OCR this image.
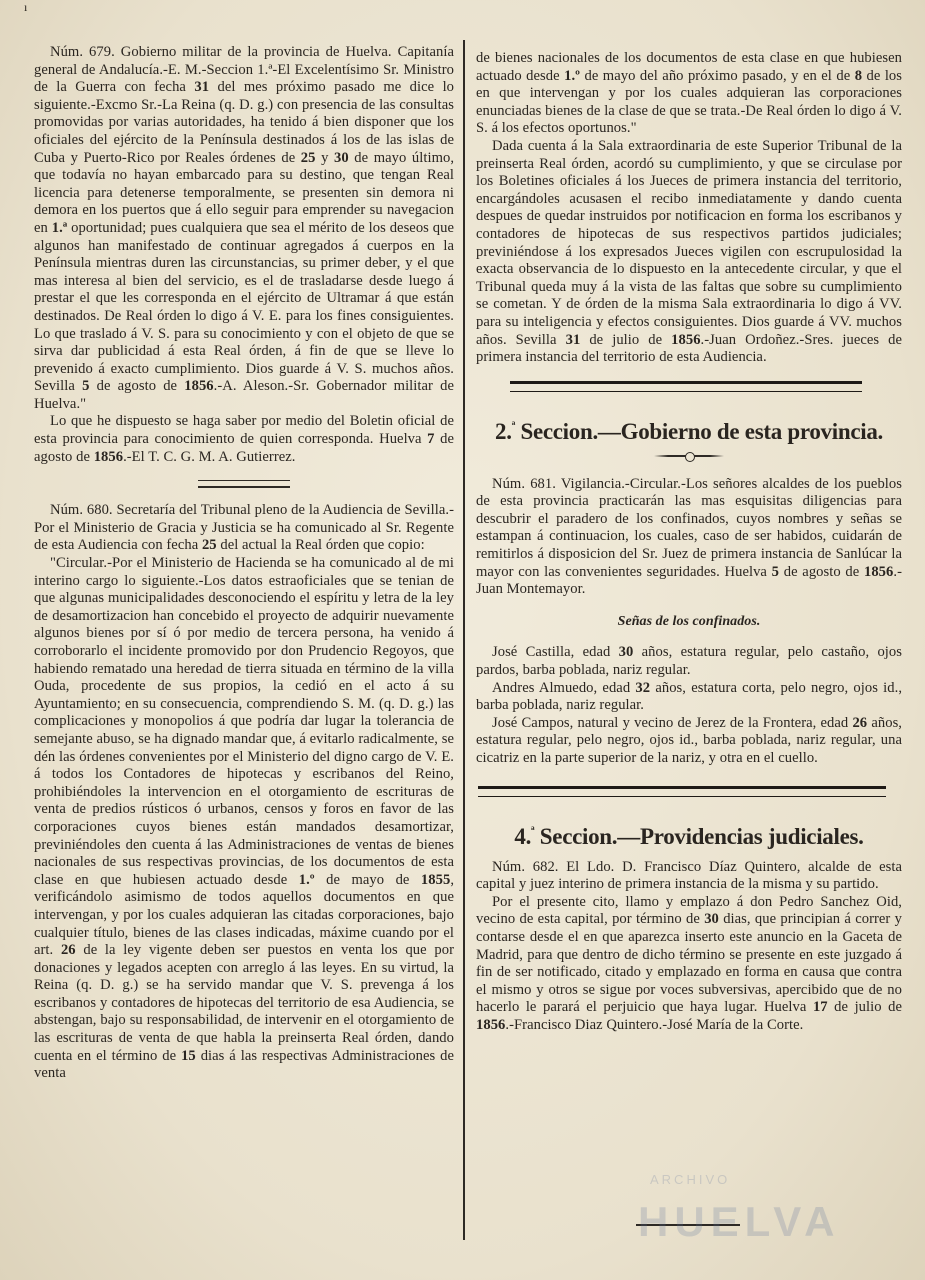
ı

Núm. 679. Gobierno militar de la provincia de Huelva. Capitanía general de Andalucía.-E. M.-Seccion 1.ª-El Excelentísimo Sr. Ministro de la Guerra con fecha 31 del mes próximo pasado me dice lo siguiente.-Excmo Sr.-La Reina (q. D. g.) con presencia de las consultas promovidas por varias autoridades, ha tenido á bien disponer que los oficiales del ejército de la Península destinados á los de las islas de Cuba y Puerto-Rico por Reales órdenes de 25 y 30 de mayo último, que todavía no hayan embarcado para su destino, que tengan Real licencia para detenerse temporalmente, se presenten sin demora ni demora en los puertos que á ello seguir para emprender su navegacion en 1.ª oportunidad; pues cualquiera que sea el mérito de los deseos que algunos han manifestado de continuar agregados á cuerpos en la Península mientras duren las circunstancias, su primer deber, y el que mas interesa al bien del servicio, es el de trasladarse desde luego á prestar el que les corresponda en el ejército de Ultramar á que están destinados. De Real órden lo digo á V. E. para los fines consiguientes. Lo que traslado á V. S. para su conocimiento y con el objeto de que se sirva dar publicidad á esta Real órden, á fin de que se lleve lo prevenido á exacto cumplimiento. Dios guarde á V. S. muchos años. Sevilla 5 de agosto de 1856.-A. Aleson.-Sr. Gobernador militar de Huelva."

Lo que he dispuesto se haga saber por medio del Boletin oficial de esta provincia para conocimiento de quien corresponda. Huelva 7 de agosto de 1856.-El T. C. G. M. A. Gutierrez.

Núm. 680. Secretaría del Tribunal pleno de la Audiencia de Sevilla.-Por el Ministerio de Gracia y Justicia se ha comunicado al Sr. Regente de esta Audiencia con fecha 25 del actual la Real órden que copio:

"Circular.-Por el Ministerio de Hacienda se ha comunicado al de mi interino cargo lo siguiente.-Los datos estraoficiales que se tenian de que algunas municipalidades desconociendo el espíritu y letra de la ley de desamortizacion han concebido el proyecto de adquirir nuevamente algunos bienes por sí ó por medio de tercera persona, ha venido á corroborarlo el incidente promovido por don Prudencio Regoyos, que habiendo rematado una heredad de tierra situada en término de la villa Ouda, procedente de sus propios, la cedió en el acto á su Ayuntamiento; en su consecuencia, comprendiendo S. M. (q. D. g.) las complicaciones y monopolios á que podría dar lugar la tolerancia de semejante abuso, se ha dignado mandar que, á evitarlo radicalmente, se dén las órdenes convenientes por el Ministerio del digno cargo de V. E. á todos los Contadores de hipotecas y escribanos del Reino, prohibiéndoles la intervencion en el otorgamiento de escrituras de venta de predios rústicos ó urbanos, censos y foros en favor de las corporaciones cuyos bienes están mandados desamortizar, previniéndoles den cuenta á las Administraciones de ventas de bienes nacionales de sus respectivas provincias, de los documentos de esta clase en que hubiesen actuado desde 1.º de mayo de 1855, verificándolo asimismo de todos aquellos documentos en que intervengan, y por los cuales adquieran las citadas corporaciones, bajo cualquier título, bienes de las clases indicadas, máxime cuando por el art. 26 de la ley vigente deben ser puestos en venta los que por donaciones y legados acepten con arreglo á las leyes. En su virtud, la Reina (q. D. g.) se ha servido mandar que V. S. prevenga á los escribanos y contadores de hipotecas del territorio de esa Audiencia, se abstengan, bajo su responsabilidad, de intervenir en el otorgamiento de las escrituras de venta de que habla la preinserta Real órden, dando cuenta en el término de 15 dias á las respectivas Administraciones de venta

de bienes nacionales de los documentos de esta clase en que hubiesen actuado desde 1.º de mayo del año próximo pasado, y en el de 8 de los en que intervengan y por los cuales adquieran las corporaciones enunciadas bienes de la clase de que se trata.-De Real órden lo digo á V. S. á los efectos oportunos."

Dada cuenta á la Sala extraordinaria de este Superior Tribunal de la preinserta Real órden, acordó su cumplimiento, y que se circulase por los Boletines oficiales á los Jueces de primera instancia del territorio, encargándoles acusasen el recibo inmediatamente y dando cuenta despues de quedar instruidos por notificacion en forma los escribanos y contadores de hipotecas de sus respectivos partidos judiciales; previniéndose á los expresados Jueces vigilen con escrupulosidad la exacta observancia de lo dispuesto en la antecedente circular, y que el Tribunal queda muy á la vista de las faltas que sobre su cumplimiento se cometan. Y de órden de la misma Sala extraordinaria lo digo á VV. para su inteligencia y efectos consiguientes. Dios guarde á VV. muchos años. Sevilla 31 de julio de 1856.-Juan Ordoñez.-Sres. jueces de primera instancia del territorio de esta Audiencia.

2.$^ª$ Seccion.—Gobierno de esta provincia.

Núm. 681. Vigilancia.-Circular.-Los señores alcaldes de los pueblos de esta provincia practicarán las mas esquisitas diligencias para descubrir el paradero de los confinados, cuyos nombres y señas se estampan á continuacion, los cuales, caso de ser habidos, cuidarán de remitirlos á disposicion del Sr. Juez de primera instancia de Sanlúcar la mayor con las convenientes seguridades. Huelva 5 de agosto de 1856.-Juan Montemayor.

Señas de los confinados.

José Castilla, edad 30 años, estatura regular, pelo castaño, ojos pardos, barba poblada, nariz regular.

Andres Almuedo, edad 32 años, estatura corta, pelo negro, ojos id., barba poblada, nariz regular.

José Campos, natural y vecino de Jerez de la Frontera, edad 26 años, estatura regular, pelo negro, ojos id., barba poblada, nariz regular, una cicatriz en la parte superior de la nariz, y otra en el cuello.

4.$^ª$ Seccion.—Providencias judiciales.

Núm. 682. El Ldo. D. Francisco Díaz Quintero, alcalde de esta capital y juez interino de primera instancia de la misma y su partido.

Por el presente cito, llamo y emplazo á don Pedro Sanchez Oid, vecino de esta capital, por término de 30 dias, que principian á correr y contarse desde el en que aparezca inserto este anuncio en la Gaceta de Madrid, para que dentro de dicho término se presente en este juzgado á fin de ser notificado, citado y emplazado en forma en causa que contra el mismo y otros se sigue por voces subversivas, apercibido que de no hacerlo le parará el perjuicio que haya lugar. Huelva 17 de julio de 1856.-Francisco Diaz Quintero.-José María de la Corte.

ARCHIVO
HUELVA
